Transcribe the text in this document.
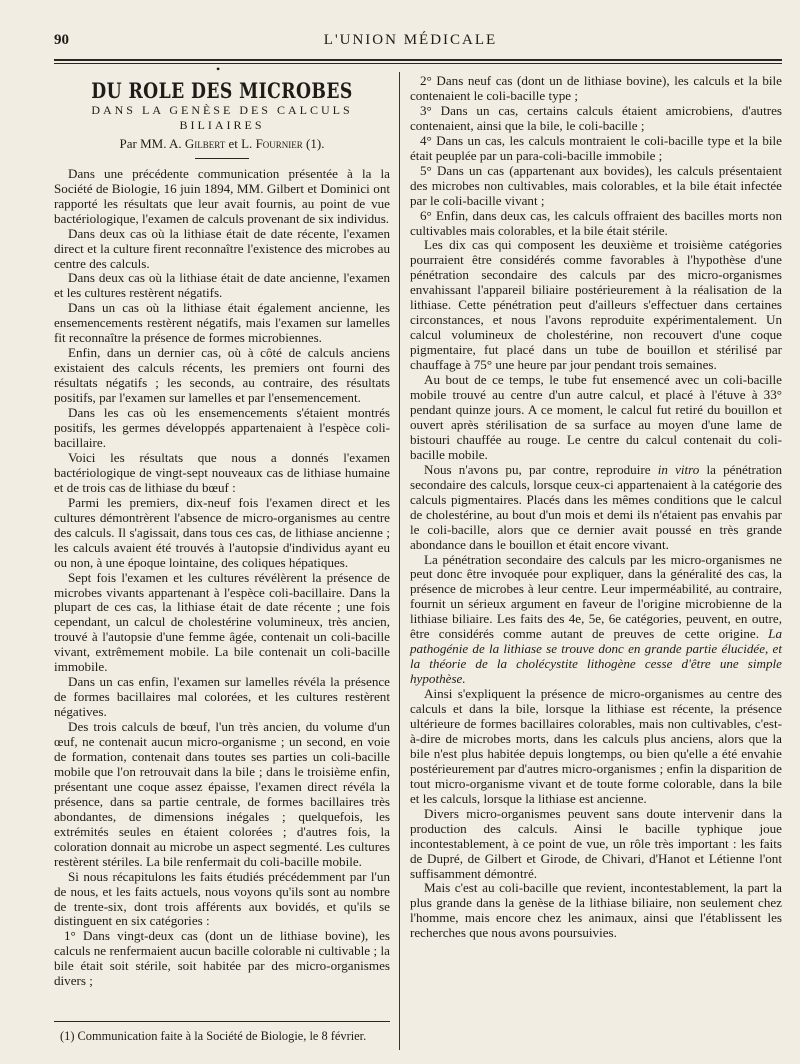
90	L'UNION MÉDICALE
•
DU ROLE DES MICROBES
DANS LA GENÈSE DES CALCULS BILIAIRES
Par MM. A. Gilbert et L. Fournier (1).

Dans une précédente communication présentée à la la Société de Biologie, 16 juin 1894, MM. Gilbert et Dominici ont rapporté les résultats que leur avait fournis, au point de vue bactériologique, l'examen de calculs provenant de six individus.

Dans deux cas où la lithiase était de date récente, l'examen direct et la culture firent reconnaître l'existence des microbes au centre des calculs.

Dans deux cas où la lithiase était de date ancienne, l'examen et les cultures restèrent négatifs.

Dans un cas où la lithiase était également ancienne, les ensemencements restèrent négatifs, mais l'examen sur lamelles fit reconnaître la présence de formes microbiennes.

Enfin, dans un dernier cas, où à côté de calculs anciens existaient des calculs récents, les premiers ont fourni des résultats négatifs ; les seconds, au contraire, des résultats positifs, par l'examen sur lamelles et par l'ensemencement.

Dans les cas où les ensemencements s'étaient montrés positifs, les germes développés appartenaient à l'espèce coli-bacillaire.

Voici les résultats que nous a donnés l'examen bactériologique de vingt-sept nouveaux cas de lithiase humaine et de trois cas de lithiase du bœuf :

Parmi les premiers, dix-neuf fois l'examen direct et les cultures démontrèrent l'absence de micro-organismes au centre des calculs. Il s'agissait, dans tous ces cas, de lithiase ancienne ; les calculs avaient été trouvés à l'autopsie d'individus ayant eu ou non, à une époque lointaine, des coliques hépatiques.

Sept fois l'examen et les cultures révélèrent la présence de microbes vivants appartenant à l'espèce coli-bacillaire. Dans la plupart de ces cas, la lithiase était de date récente ; une fois cependant, un calcul de cholestérine volumineux, très ancien, trouvé à l'autopsie d'une femme âgée, contenait un coli-bacille vivant, extrêmement mobile. La bile contenait un coli-bacille immobile.

Dans un cas enfin, l'examen sur lamelles révéla la présence de formes bacillaires mal colorées, et les cultures restèrent négatives.

Des trois calculs de bœuf, l'un très ancien, du volume d'un œuf, ne contenait aucun micro-organisme ; un second, en voie de formation, contenait dans toutes ses parties un coli-bacille mobile que l'on retrouvait dans la bile ; dans le troisième enfin, présentant une coque assez épaisse, l'examen direct révéla la présence, dans sa partie centrale, de formes bacillaires très abondantes, de dimensions inégales ; quelquefois, les extrémités seules en étaient colorées ; d'autres fois, la coloration donnait au microbe un aspect segmenté. Les cultures restèrent stériles. La bile renfermait du coli-bacille mobile.

Si nous récapitulons les faits étudiés précédemment par l'un de nous, et les faits actuels, nous voyons qu'ils sont au nombre de trente-six, dont trois afférents aux bovidés, et qu'ils se distinguent en six catégories :

1° Dans vingt-deux cas (dont un de lithiase bovine), les calculs ne renfermaient aucun bacille colorable ni cultivable ; la bile était soit stérile, soit habitée par des micro-organismes divers ;

2° Dans neuf cas (dont un de lithiase bovine), les calculs et la bile contenaient le coli-bacille type ;

3° Dans un cas, certains calculs étaient amicrobiens, d'autres contenaient, ainsi que la bile, le coli-bacille ;

4° Dans un cas, les calculs montraient le coli-bacille type et la bile était peuplée par un para-coli-bacille immobile ;

5° Dans un cas (appartenant aux bovides), les calculs présentaient des microbes non cultivables, mais colorables, et la bile était infectée par le coli-bacille vivant ;

6° Enfin, dans deux cas, les calculs offraient des bacilles morts non cultivables mais colorables, et la bile était stérile.

Les dix cas qui composent les deuxième et troisième catégories pourraient être considérés comme favorables à l'hypothèse d'une pénétration secondaire des calculs par des micro-organismes envahissant l'appareil biliaire postérieurement à la réalisation de la lithiase. Cette pénétration peut d'ailleurs s'effectuer dans certaines circonstances, et nous l'avons reproduite expérimentalement. Un calcul volumineux de cholestérine, non recouvert d'une coque pigmentaire, fut placé dans un tube de bouillon et stérilisé par chauffage à 75° une heure par jour pendant trois semaines.

Au bout de ce temps, le tube fut ensemencé avec un coli-bacille mobile trouvé au centre d'un autre calcul, et placé à l'étuve à 33° pendant quinze jours. A ce moment, le calcul fut retiré du bouillon et ouvert après stérilisation de sa surface au moyen d'une lame de bistouri chauffée au rouge. Le centre du calcul contenait du coli-bacille mobile.

Nous n'avons pu, par contre, reproduire in vitro la pénétration secondaire des calculs, lorsque ceux-ci appartenaient à la catégorie des calculs pigmentaires. Placés dans les mêmes conditions que le calcul de cholestérine, au bout d'un mois et demi ils n'étaient pas envahis par le coli-bacille, alors que ce dernier avait poussé en très grande abondance dans le bouillon et était encore vivant.

La pénétration secondaire des calculs par les micro-organismes ne peut donc être invoquée pour expliquer, dans la généralité des cas, la présence de microbes à leur centre. Leur imperméabilité, au contraire, fournit un sérieux argument en faveur de l'origine microbienne de la lithiase biliaire. Les faits des 4e, 5e, 6e catégories, peuvent, en outre, être considérés comme autant de preuves de cette origine. La pathogénie de la lithiase se trouve donc en grande partie élucidée, et la théorie de la cholécystite lithogène cesse d'être une simple hypothèse.

Ainsi s'expliquent la présence de micro-organismes au centre des calculs et dans la bile, lorsque la lithiase est récente, la présence ultérieure de formes bacillaires colorables, mais non cultivables, c'est-à-dire de microbes morts, dans les calculs plus anciens, alors que la bile n'est plus habitée depuis longtemps, ou bien qu'elle a été envahie postérieurement par d'autres micro-organismes ; enfin la disparition de tout micro-organisme vivant et de toute forme colorable, dans la bile et les calculs, lorsque la lithiase est ancienne.

Divers micro-organismes peuvent sans doute intervenir dans la production des calculs. Ainsi le bacille typhique joue incontestablement, à ce point de vue, un rôle très important : les faits de Dupré, de Gilbert et Girode, de Chivari, d'Hanot et Létienne l'ont suffisamment démontré.

Mais c'est au coli-bacille que revient, incontestablement, la part la plus grande dans la genèse de la lithiase biliaire, non seulement chez l'homme, mais encore chez les animaux, ainsi que l'établissent les recherches que nous avons poursuivies.

(1) Communication faite à la Société de Biologie, le 8 février.
